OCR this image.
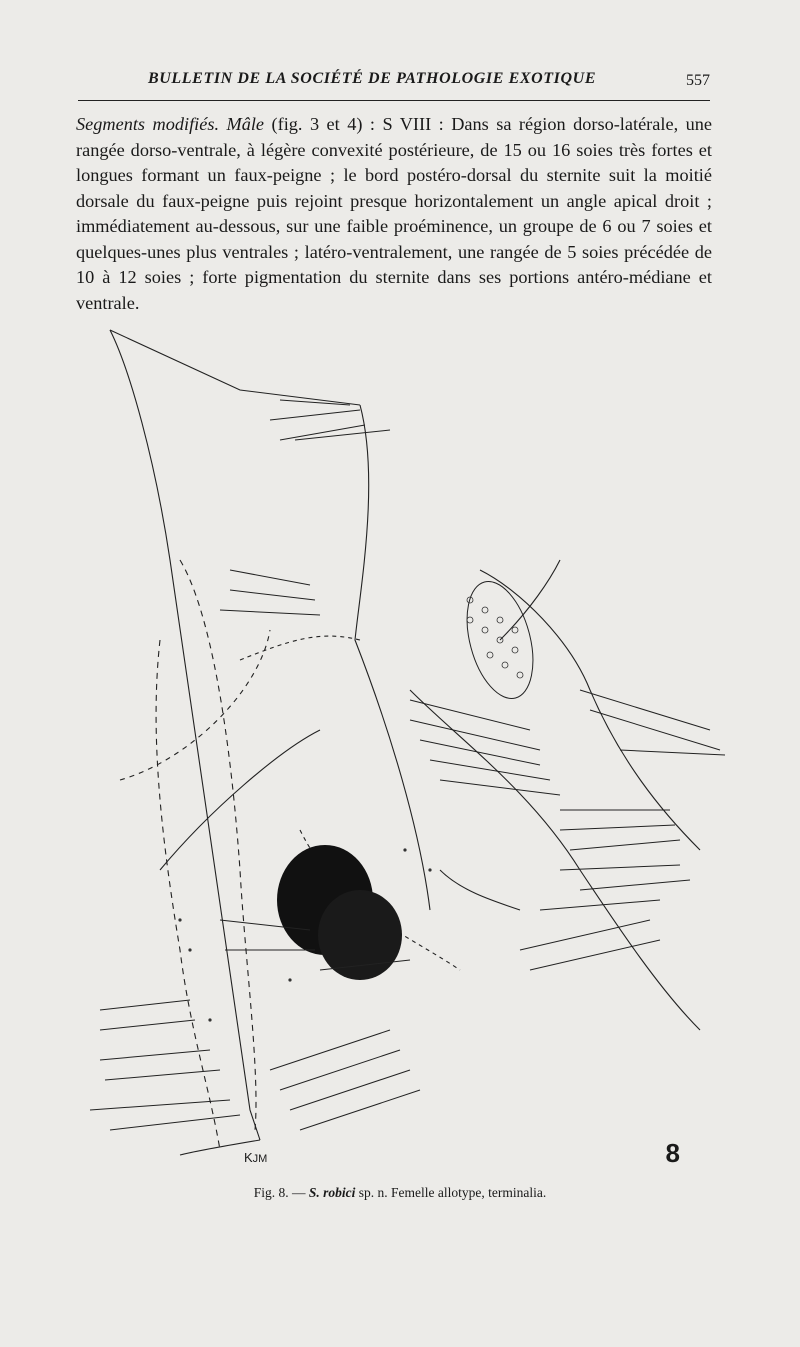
BULLETIN DE LA SOCIÉTÉ DE PATHOLOGIE EXOTIQUE	557
Segments modifiés. Mâle (fig. 3 et 4) : S VIII : Dans sa région dorso-latérale, une rangée dorso-ventrale, à légère convexité postérieure, de 15 ou 16 soies très fortes et longues formant un faux-peigne ; le bord postéro-dorsal du sternite suit la moitié dorsale du faux-peigne puis rejoint presque horizontalement un angle apical droit ; immédiatement au-dessous, sur une faible proéminence, un groupe de 6 ou 7 soies et quelques-unes plus ventrales ; latéro-ventralement, une rangée de 5 soies précédée de 10 à 12 soies ; forte pigmentation du sternite dans ses portions antéro-médiane et ventrale.
8
KJM
Fig. 8. — S. robici sp. n. Femelle allotype, terminalia.
